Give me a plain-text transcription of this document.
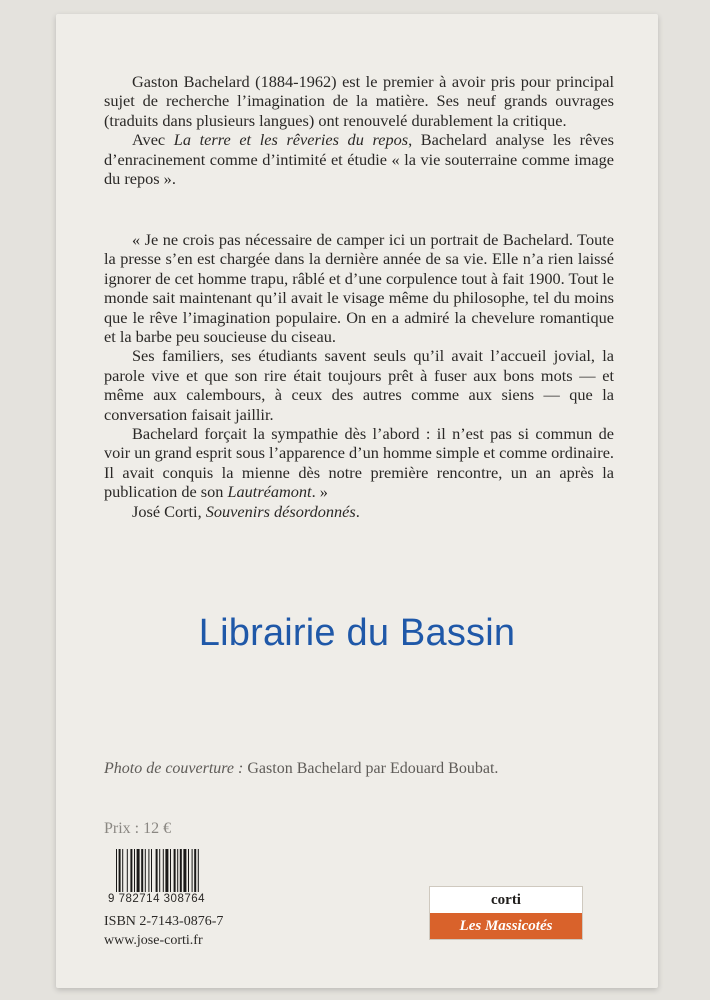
Gaston Bachelard (1884-1962) est le premier à avoir pris pour principal sujet de recherche l’imagination de la matière. Ses neuf grands ouvrages (traduits dans plusieurs langues) ont renouvelé durablement la critique.

Avec La terre et les rêveries du repos, Bachelard analyse les rêves d’enracinement comme d’intimité et étudie « la vie souterraine comme image du repos ».

« Je ne crois pas nécessaire de camper ici un portrait de Bachelard. Toute la presse s’en est chargée dans la dernière année de sa vie. Elle n’a rien laissé ignorer de cet homme trapu, râblé et d’une corpulence tout à fait 1900. Tout le monde sait maintenant qu’il avait le visage même du philosophe, tel du moins que le rêve l’imagination populaire. On en a admiré la chevelure romantique et la barbe peu soucieuse du ciseau.

Ses familiers, ses étudiants savent seuls qu’il avait l’accueil jovial, la parole vive et que son rire était toujours prêt à fuser aux bons mots — et même aux calembours, à ceux des autres comme aux siens — que la conversation faisait jaillir.

Bachelard forçait la sympathie dès l’abord : il n’est pas si commun de voir un grand esprit sous l’apparence d’un homme simple et comme ordinaire. Il avait conquis la mienne dès notre première rencontre, un an après la publication de son Lautréamont. »

José Corti, Souvenirs désordonnés.

Librairie du Bassin
Photo de couverture : Gaston Bachelard par Edouard Boubat.
Prix : 12 €
9 782714 308764
ISBN 2-7143-0876-7
www.jose-corti.fr
corti
Les Massicotés
